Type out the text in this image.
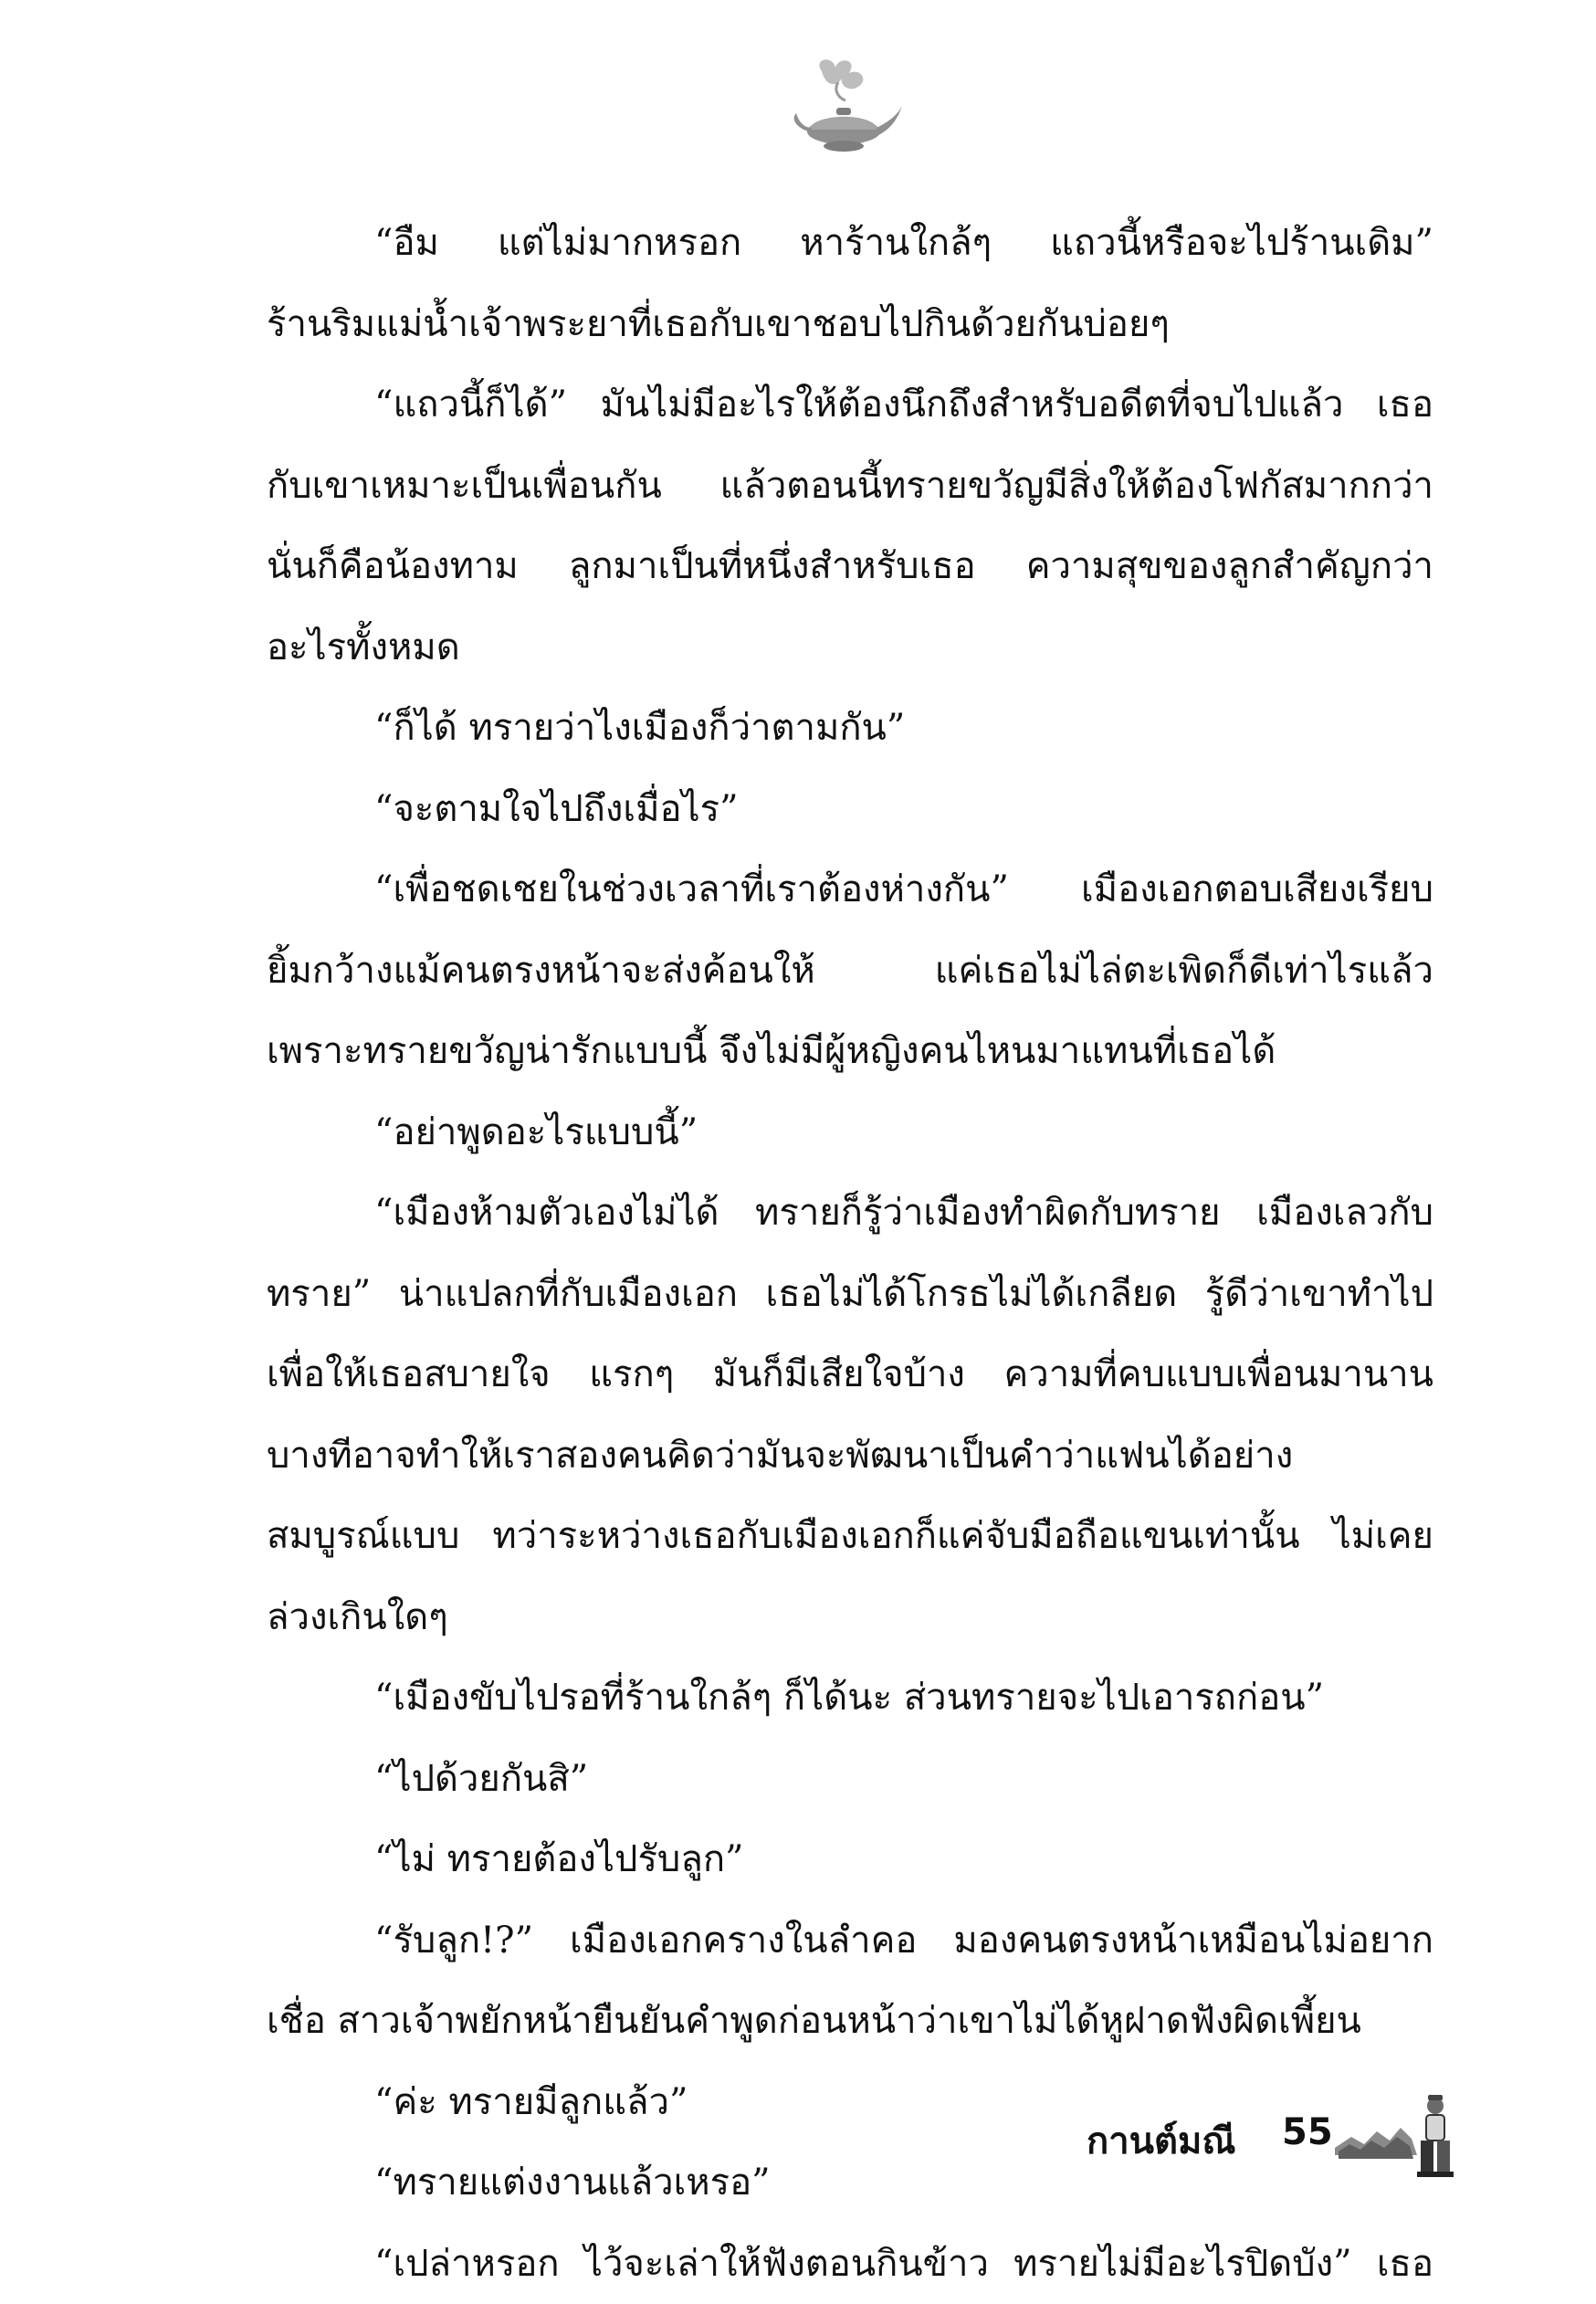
“อืม แต่ไม่มากหรอก หาร้านใกล้ๆ แถวนี้หรือจะไปร้านเดิม”
ร้านริมแม่น้ำเจ้าพระยาที่เธอกับเขาชอบไปกินด้วยกันบ่อยๆ
“แถวนี้ก็ได้” มันไม่มีอะไรให้ต้องนึกถึงสำหรับอดีตที่จบไปแล้ว เธอ
กับเขาเหมาะเป็นเพื่อนกัน แล้วตอนนี้ทรายขวัญมีสิ่งให้ต้องโฟกัสมากกว่า
นั่นก็คือน้องทาม ลูกมาเป็นที่หนึ่งสำหรับเธอ ความสุขของลูกสำคัญกว่า
อะไรทั้งหมด
“ก็ได้ ทรายว่าไงเมืองก็ว่าตามกัน”
“จะตามใจไปถึงเมื่อไร”
“เพื่อชดเชยในช่วงเวลาที่เราต้องห่างกัน” เมืองเอกตอบเสียงเรียบ
ยิ้มกว้างแม้คนตรงหน้าจะส่งค้อนให้ แค่เธอไม่ไล่ตะเพิดก็ดีเท่าไรแล้ว
เพราะทรายขวัญน่ารักแบบนี้ จึงไม่มีผู้หญิงคนไหนมาแทนที่เธอได้
“อย่าพูดอะไรแบบนี้”
“เมืองห้ามตัวเองไม่ได้ ทรายก็รู้ว่าเมืองทำผิดกับทราย เมืองเลวกับ
ทราย” น่าแปลกที่กับเมืองเอก เธอไม่ได้โกรธไม่ได้เกลียด รู้ดีว่าเขาทำไป
เพื่อให้เธอสบายใจ แรกๆ มันก็มีเสียใจบ้าง ความที่คบแบบเพื่อนมานาน
บางทีอาจทำให้เราสองคนคิดว่ามันจะพัฒนาเป็นคำว่าแฟนได้อย่าง
สมบูรณ์แบบ ทว่าระหว่างเธอกับเมืองเอกก็แค่จับมือถือแขนเท่านั้น ไม่เคย
ล่วงเกินใดๆ
“เมืองขับไปรอที่ร้านใกล้ๆ ก็ได้นะ ส่วนทรายจะไปเอารถก่อน”
“ไปด้วยกันสิ”
“ไม่ ทรายต้องไปรับลูก”
“รับลูก!?” เมืองเอกครางในลำคอ มองคนตรงหน้าเหมือนไม่อยาก
เชื่อ สาวเจ้าพยักหน้ายืนยันคำพูดก่อนหน้าว่าเขาไม่ได้หูฝาดฟังผิดเพี้ยน
“ค่ะ ทรายมีลูกแล้ว”
“ทรายแต่งงานแล้วเหรอ”
“เปล่าหรอก ไว้จะเล่าให้ฟังตอนกินข้าว ทรายไม่มีอะไรปิดบัง” เธอ
กานต์มณี 55
